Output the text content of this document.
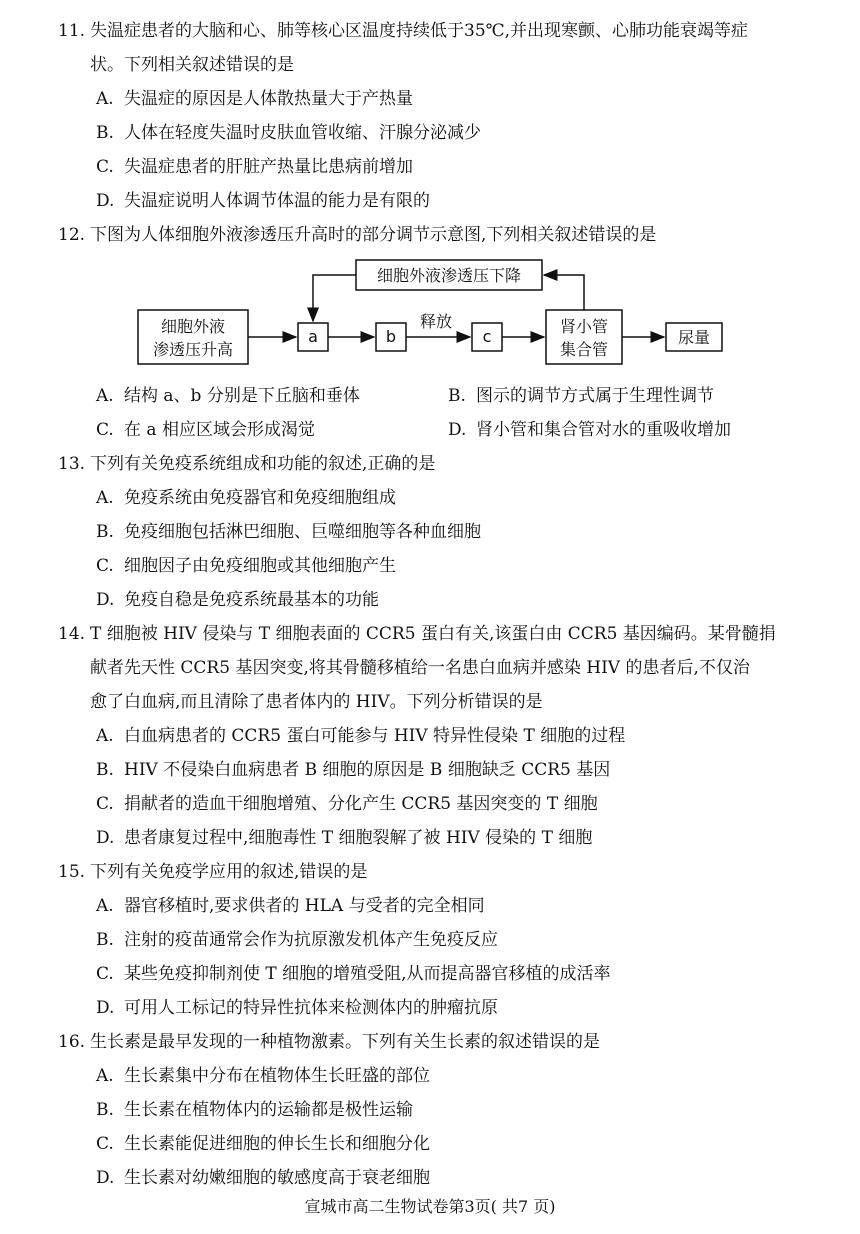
11. 失温症患者的大脑和心、肺等核心区温度持续低于35℃,并出现寒颤、心肺功能衰竭等症
状。下列相关叙述错误的是
A. 失温症的原因是人体散热量大于产热量
B. 人体在轻度失温时皮肤血管收缩、汗腺分泌减少
C. 失温症患者的肝脏产热量比患病前增加
D. 失温症说明人体调节体温的能力是有限的
12. 下图为人体细胞外液渗透压升高时的部分调节示意图,下列相关叙述错误的是
细胞外液渗透压下降
细胞外液
渗透压升高
a	b
释放
c
肾小管
集合管
尿量
A. 结构 a、b 分别是下丘脑和垂体	B. 图示的调节方式属于生理性调节
C. 在 a 相应区域会形成渴觉	D. 肾小管和集合管对水的重吸收增加
13. 下列有关免疫系统组成和功能的叙述,正确的是
A. 免疫系统由免疫器官和免疫细胞组成
B. 免疫细胞包括淋巴细胞、巨噬细胞等各种血细胞
C. 细胞因子由免疫细胞或其他细胞产生
D. 免疫自稳是免疫系统最基本的功能
14. T 细胞被 HIV 侵染与 T 细胞表面的 CCR5 蛋白有关,该蛋白由 CCR5 基因编码。某骨髓捐
献者先天性 CCR5 基因突变,将其骨髓移植给一名患白血病并感染 HIV 的患者后,不仅治
愈了白血病,而且清除了患者体内的 HIV。下列分析错误的是
A. 白血病患者的 CCR5 蛋白可能参与 HIV 特异性侵染 T 细胞的过程
B. HIV 不侵染白血病患者 B 细胞的原因是 B 细胞缺乏 CCR5 基因
C. 捐献者的造血干细胞增殖、分化产生 CCR5 基因突变的 T 细胞
D. 患者康复过程中,细胞毒性 T 细胞裂解了被 HIV 侵染的 T 细胞
15. 下列有关免疫学应用的叙述,错误的是
A. 器官移植时,要求供者的 HLA 与受者的完全相同
B. 注射的疫苗通常会作为抗原激发机体产生免疫反应
C. 某些免疫抑制剂使 T 细胞的增殖受阻,从而提高器官移植的成活率
D. 可用人工标记的特异性抗体来检测体内的肿瘤抗原
16. 生长素是最早发现的一种植物激素。下列有关生长素的叙述错误的是
A. 生长素集中分布在植物体生长旺盛的部位
B. 生长素在植物体内的运输都是极性运输
C. 生长素能促进细胞的伸长生长和细胞分化
D. 生长素对幼嫩细胞的敏感度高于衰老细胞
宣城市高二生物试卷第3页( 共7 页)
